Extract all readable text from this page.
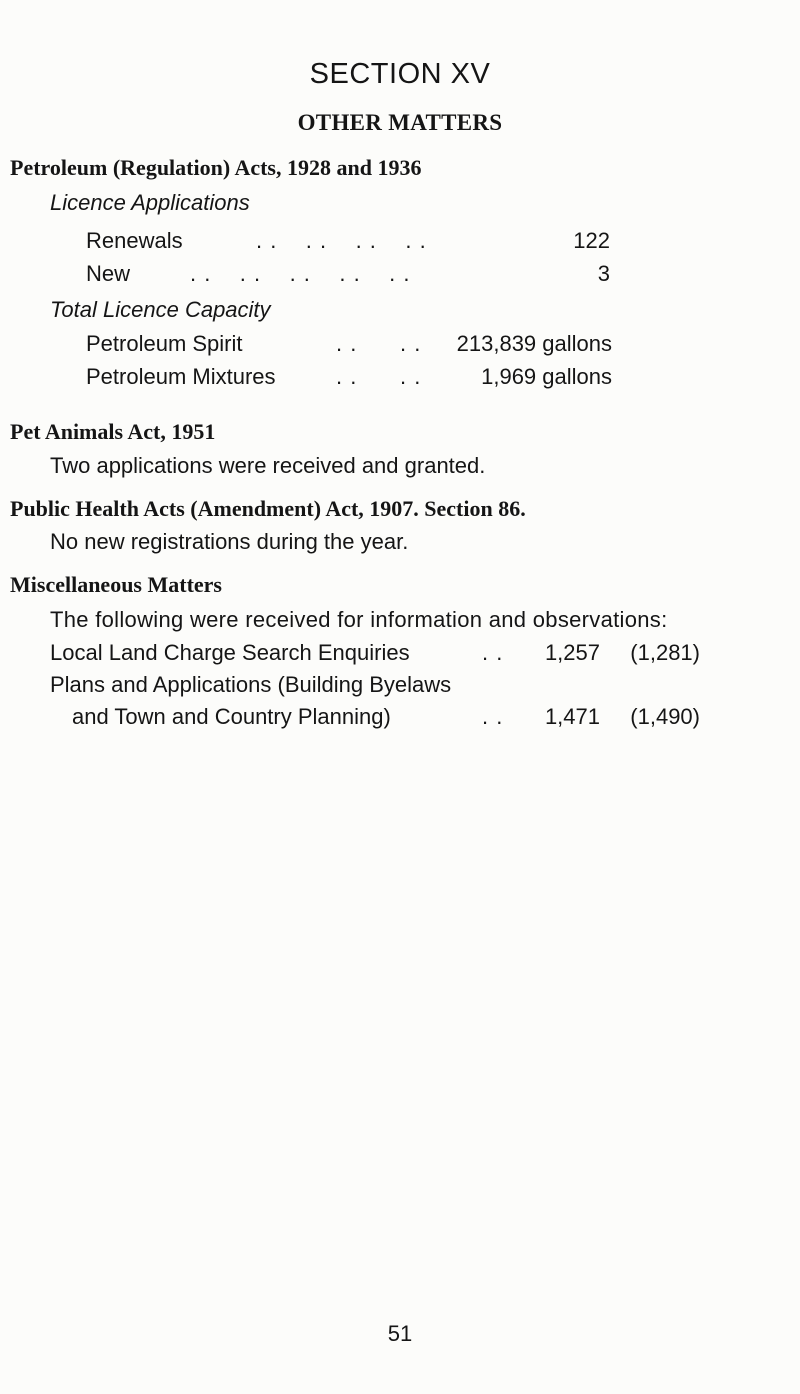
SECTION XV
OTHER MATTERS
Petroleum (Regulation) Acts, 1928 and 1936
Licence Applications
Renewals	. .    . .    . .    . .	122
New	. .    . .    . .    . .    . .	3
Total Licence Capacity
Petroleum Spirit	. .      . .	213,839 gallons
Petroleum Mixtures	. .      . .	1,969 gallons
Pet Animals Act, 1951
Two applications were received and granted.
Public Health Acts (Amendment) Act, 1907. Section 86.
No new registrations during the year.
Miscellaneous Matters
The following were received for information and observations:
Local Land Charge Search Enquiries	. .	1,257	(1,281)
Plans and Applications (Building Byelaws
and Town and Country Planning)	. .	1,471	(1,490)
51
